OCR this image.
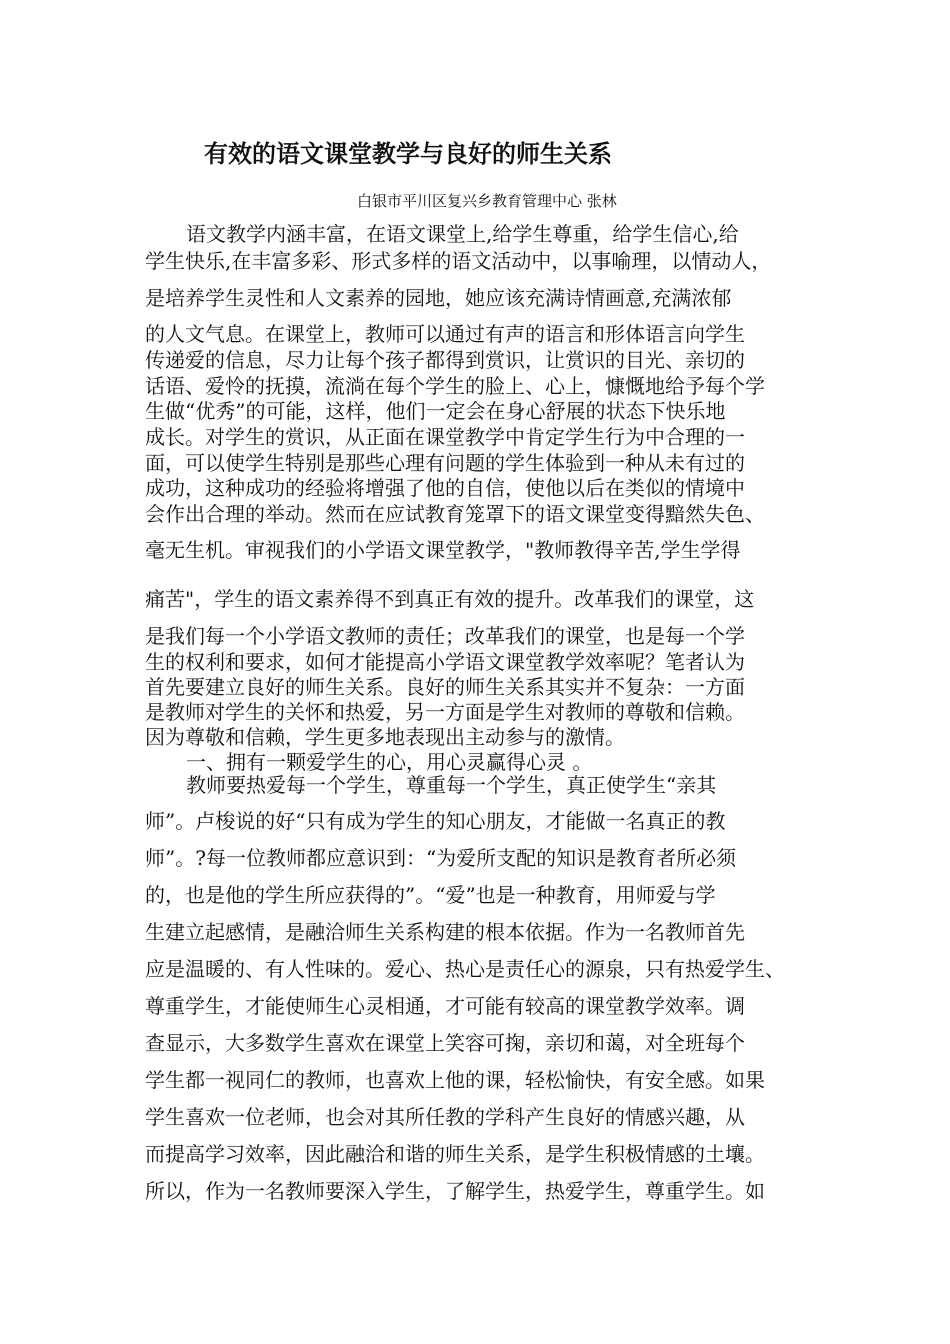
有效的语文课堂教学与良好的师生关系
白银市平川区复兴乡教育管理中心 张林
语文教学内涵丰富，在语文课堂上,给学生尊重，给学生信心,给
学生快乐,在丰富多彩、形式多样的语文活动中，以事喻理，以情动人，
是培养学生灵性和人文素养的园地，她应该充满诗情画意,充满浓郁
的人文气息。在课堂上，教师可以通过有声的语言和形体语言向学生
传递爱的信息，尽力让每个孩子都得到赏识，让赏识的目光、亲切的
话语、爱怜的抚摸，流淌在每个学生的脸上、心上，慷慨地给予每个学
生做“优秀”的可能，这样，他们一定会在身心舒展的状态下快乐地
成长。对学生的赏识，从正面在课堂教学中肯定学生行为中合理的一
面，可以使学生特别是那些心理有问题的学生体验到一种从未有过的
成功，这种成功的经验将增强了他的自信，使他以后在类似的情境中
会作出合理的举动。然而在应试教育笼罩下的语文课堂变得黯然失色、
毫无生机。审视我们的小学语文课堂教学，"教师教得辛苦,学生学得
痛苦"，学生的语文素养得不到真正有效的提升。改革我们的课堂，这
是我们每一个小学语文教师的责任；改革我们的课堂，也是每一个学
生的权利和要求，如何才能提高小学语文课堂教学效率呢？笔者认为
首先要建立良好的师生关系。良好的师生关系其实并不复杂：一方面
是教师对学生的关怀和热爱，另一方面是学生对教师的尊敬和信赖。
因为尊敬和信赖，学生更多地表现出主动参与的激情。
一、拥有一颗爱学生的心，用心灵赢得心灵 。
教师要热爱每一个学生，尊重每一个学生，真正使学生“亲其
师”。卢梭说的好“只有成为学生的知心朋友，才能做一名真正的教
师”。?每一位教师都应意识到：“为爱所支配的知识是教育者所必须
的，也是他的学生所应获得的”。“爱”也是一种教育，用师爱与学
生建立起感情，是融洽师生关系构建的根本依据。作为一名教师首先
应是温暖的、有人性味的。爱心、热心是责任心的源泉，只有热爱学生、
尊重学生，才能使师生心灵相通，才可能有较高的课堂教学效率。调
查显示，大多数学生喜欢在课堂上笑容可掬，亲切和蔼，对全班每个
学生都一视同仁的教师，也喜欢上他的课，轻松愉快，有安全感。如果
学生喜欢一位老师，也会对其所任教的学科产生良好的情感兴趣，从
而提高学习效率，因此融洽和谐的师生关系，是学生积极情感的土壤。
所以，作为一名教师要深入学生，了解学生，热爱学生，尊重学生。如
